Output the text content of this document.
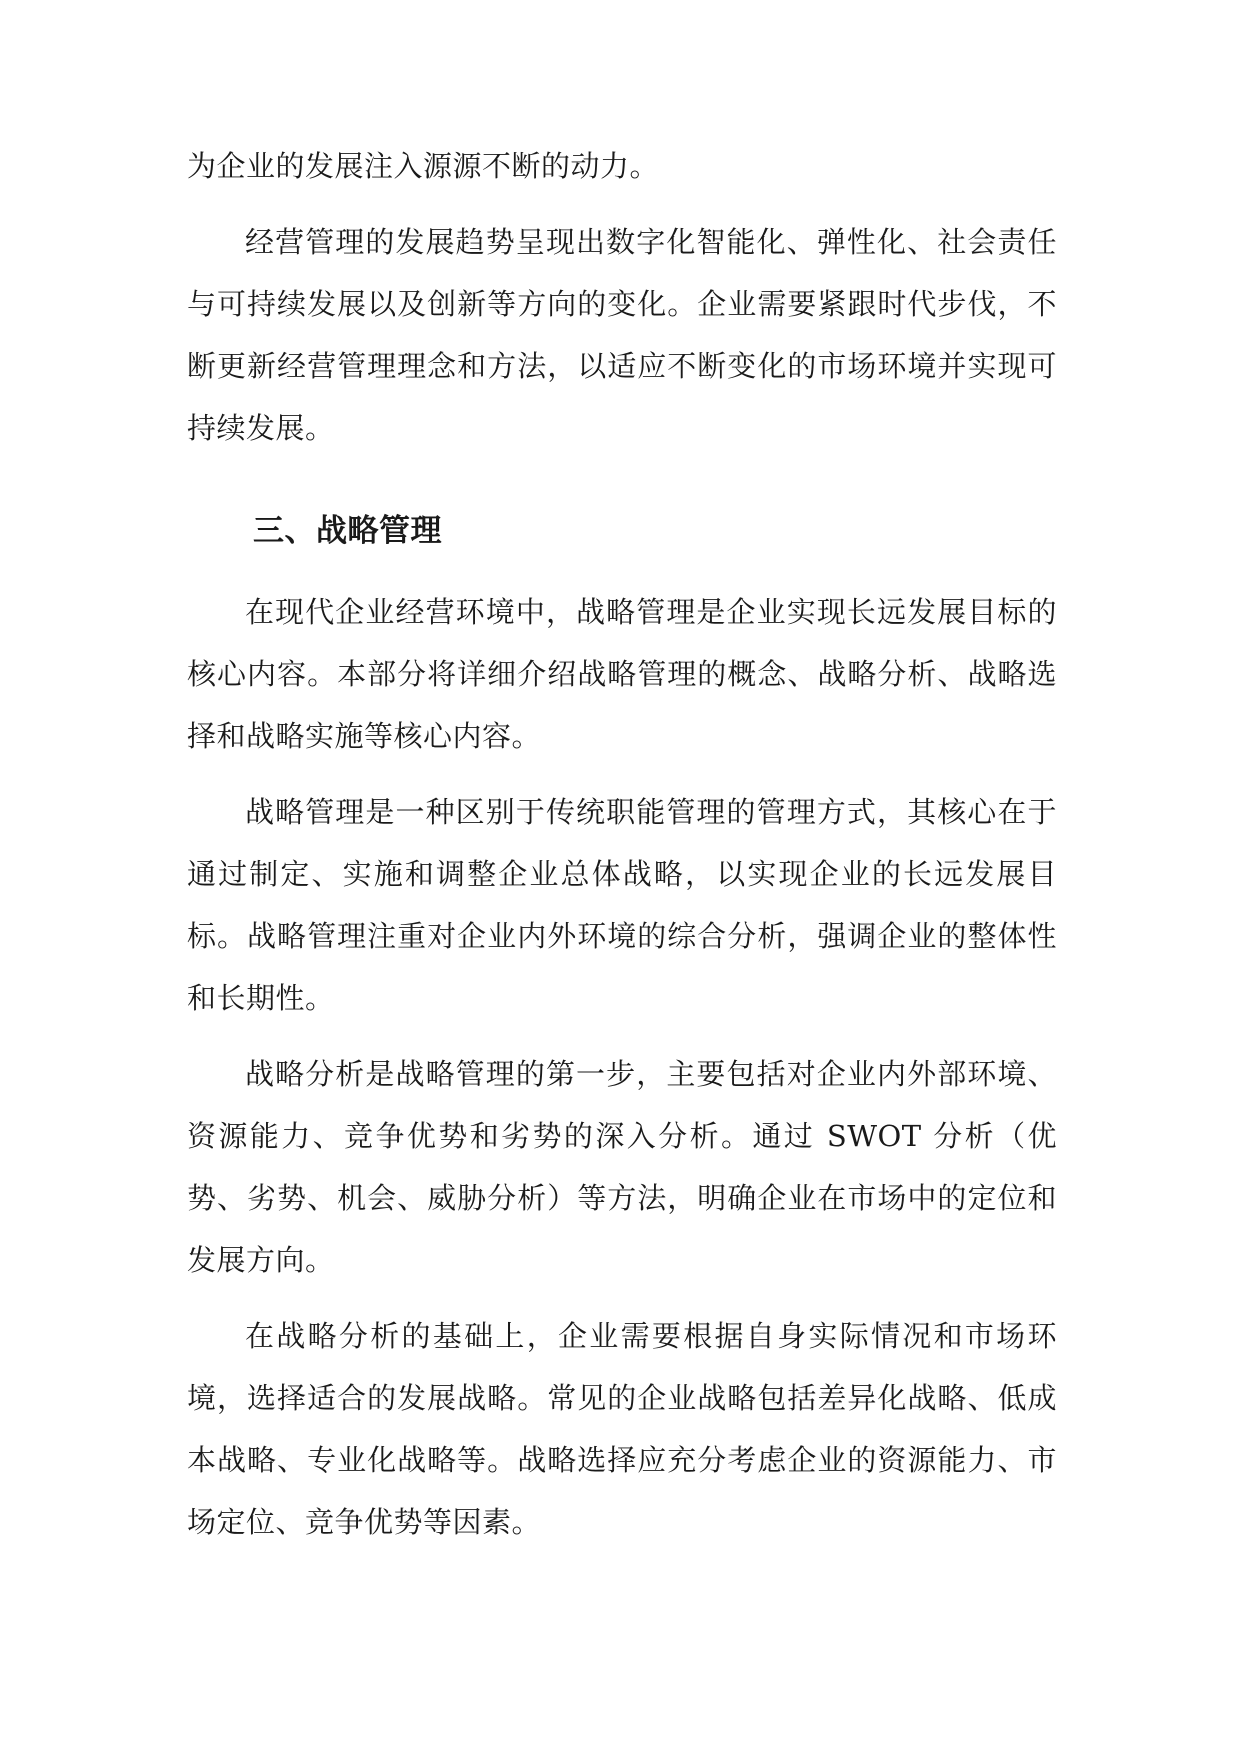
为企业的发展注入源源不断的动力。

经营管理的发展趋势呈现出数字化智能化、弹性化、社会责任与可持续发展以及创新等方向的变化。企业需要紧跟时代步伐，不断更新经营管理理念和方法，以适应不断变化的市场环境并实现可持续发展。

三、战略管理

在现代企业经营环境中，战略管理是企业实现长远发展目标的核心内容。本部分将详细介绍战略管理的概念、战略分析、战略选择和战略实施等核心内容。

战略管理是一种区别于传统职能管理的管理方式，其核心在于通过制定、实施和调整企业总体战略，以实现企业的长远发展目标。战略管理注重对企业内外环境的综合分析，强调企业的整体性和长期性。

战略分析是战略管理的第一步，主要包括对企业内外部环境、资源能力、竞争优势和劣势的深入分析。通过 SWOT 分析（优势、劣势、机会、威胁分析）等方法，明确企业在市场中的定位和发展方向。

在战略分析的基础上，企业需要根据自身实际情况和市场环境，选择适合的发展战略。常见的企业战略包括差异化战略、低成本战略、专业化战略等。战略选择应充分考虑企业的资源能力、市场定位、竞争优势等因素。
